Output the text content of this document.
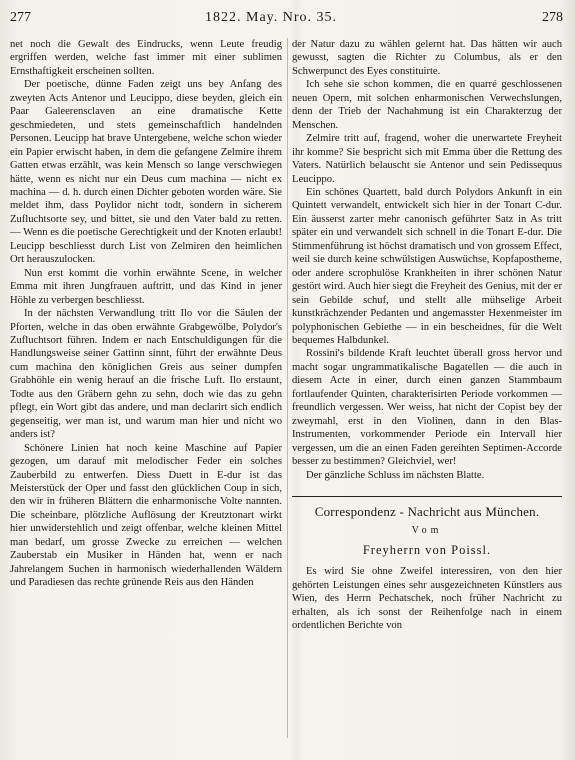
277	1822. May. Nro. 35.	278

net noch die Gewalt des Eindrucks, wenn Leute freudig ergriffen werden, welche fast immer mit einer sublimen Ernsthaftigkeit erscheinen sollten.

Der poetische, dünne Faden zeigt uns bey Anfang des zweyten Acts Antenor und Leucippo, diese beyden, gleich ein Paar Galeerensclaven an eine dramatische Kette geschmiedeten, und stets gemeinschaftlich handelnden Personen. Leucipp hat brave Untergebene, welche schon wieder ein Papier erwischt haben, in dem die gefangene Zelmire ihrem Gatten etwas erzählt, was kein Mensch so lange verschwiegen hätte, wenn es nicht nur ein Deus cum machina — nicht ex machina — d. h. durch einen Dichter geboten worden wäre. Sie meldet ihm, dass Poylidor nicht todt, sondern in sicherem Zufluchtsorte sey, und bittet, sie und den Vater bald zu retten. — Wenn es die poetische Gerechtigkeit und der Knoten erlaubt! Leucipp beschliesst durch List von Zelmiren den heimlichen Ort herauszulocken.

Nun erst kommt die vorhin erwähnte Scene, in welcher Emma mit ihren Jungfrauen auftritt, und das Kind in jener Höhle zu verbergen beschliesst.

In der nächsten Verwandlung tritt Ilo vor die Säulen der Pforten, welche in das oben erwähnte Grabgewölbe, Polydor's Zufluchtsort führen. Indem er nach Entschuldigungen für die Handlungsweise seiner Gattinn sinnt, führt der erwähnte Deus cum machina den königlichen Greis aus seiner dumpfen Grabhöhle ein wenig herauf an die frische Luft. Ilo erstaunt, Todte aus den Gräbern gehn zu sehn, doch wie das zu gehn pflegt, ein Wort gibt das andere, und man declarirt sich endlich gegenseitig, wer man ist, und warum man hier und nicht wo anders ist?

Schönere Linien hat noch keine Maschine auf Papier gezogen, um darauf mit melodischer Feder ein solches Zauberbild zu entwerfen. Diess Duett in E-dur ist das Meisterstück der Oper und fasst den glücklichen Coup in sich, den wir in früheren Blättern die enharmonische Volte nannten. Die scheinbare, plötzliche Auflösung der Kreutztonart wirkt hier unwiderstehlich und zeigt offenbar, welche kleinen Mittel man bedarf, um grosse Zwecke zu erreichen — welchen Zauberstab ein Musiker in Händen hat, wenn er nach Jahrelangem Suchen in harmonisch wiederhallenden Wäldern und Paradiesen das rechte grünende Reis aus den Händen

der Natur dazu zu wählen gelernt hat. Das hätten wir auch gewusst, sagten die Richter zu Columbus, als er den Schwerpunct des Eyes constituirte.

Ich sehe sie schon kommen, die en quarré geschlossenen neuen Opern, mit solchen enharmonischen Verwechslungen, denn der Trieb der Nachahmung ist ein Charakterzug der Menschen.

Zelmire tritt auf, fragend, woher die unerwartete Freyheit ihr komme? Sie bespricht sich mit Emma über die Rettung des Vaters. Natürlich belauscht sie Antenor und sein Pedissequus Leucippo.

Ein schönes Quartett, bald durch Polydors Ankunft in ein Quintett verwandelt, entwickelt sich hier in der Tonart C-dur. Ein äusserst zarter mehr canonisch geführter Satz in As tritt später ein und verwandelt sich schnell in die Tonart E-dur. Die Stimmenführung ist höchst dramatisch und von grossem Effect, weil sie durch keine schwülstigen Auswüchse, Kopfapostheme, oder andere scrophulöse Krankheiten in ihrer schönen Natur gestört wird. Auch hier siegt die Freyheit des Genius, mit der er sein Gebilde schuf, und stellt alle mühselige Arbeit kunstkrächzender Pedanten und angemasster Hexenmeister im polyphonischen Gebiethe — in ein bescheidnes, für die Welt bequemes Halbdunkel.

Rossini's bildende Kraft leuchtet überall gross hervor und macht sogar ungrammatikalische Bagatellen — die auch in diesem Acte in einer, durch einen ganzen Stammbaum fortlaufender Quinten, charakterisirten Periode vorkommen — freundlich vergessen. Wer weiss, hat nicht der Copist bey der zweymahl, erst in den Violinen, dann in den Blas-Instrumenten, vorkommender Periode ein Intervall hier vergessen, um die an einen Faden gereihten Septimen-Accorde besser zu bestimmen? Gleichviel, wer!

Der gänzliche Schluss im nächsten Blatte.

Correspondenz - Nachricht aus München.
Vom
Freyherrn von Poissl.

Es wird Sie ohne Zweifel interessiren, von den hier gehörten Leistungen eines sehr ausgezeichneten Künstlers aus Wien, des Herrn Pechatschek, noch früher Nachricht zu erhalten, als ich sonst der Reihenfolge nach in einem ordentlichen Berichte von
